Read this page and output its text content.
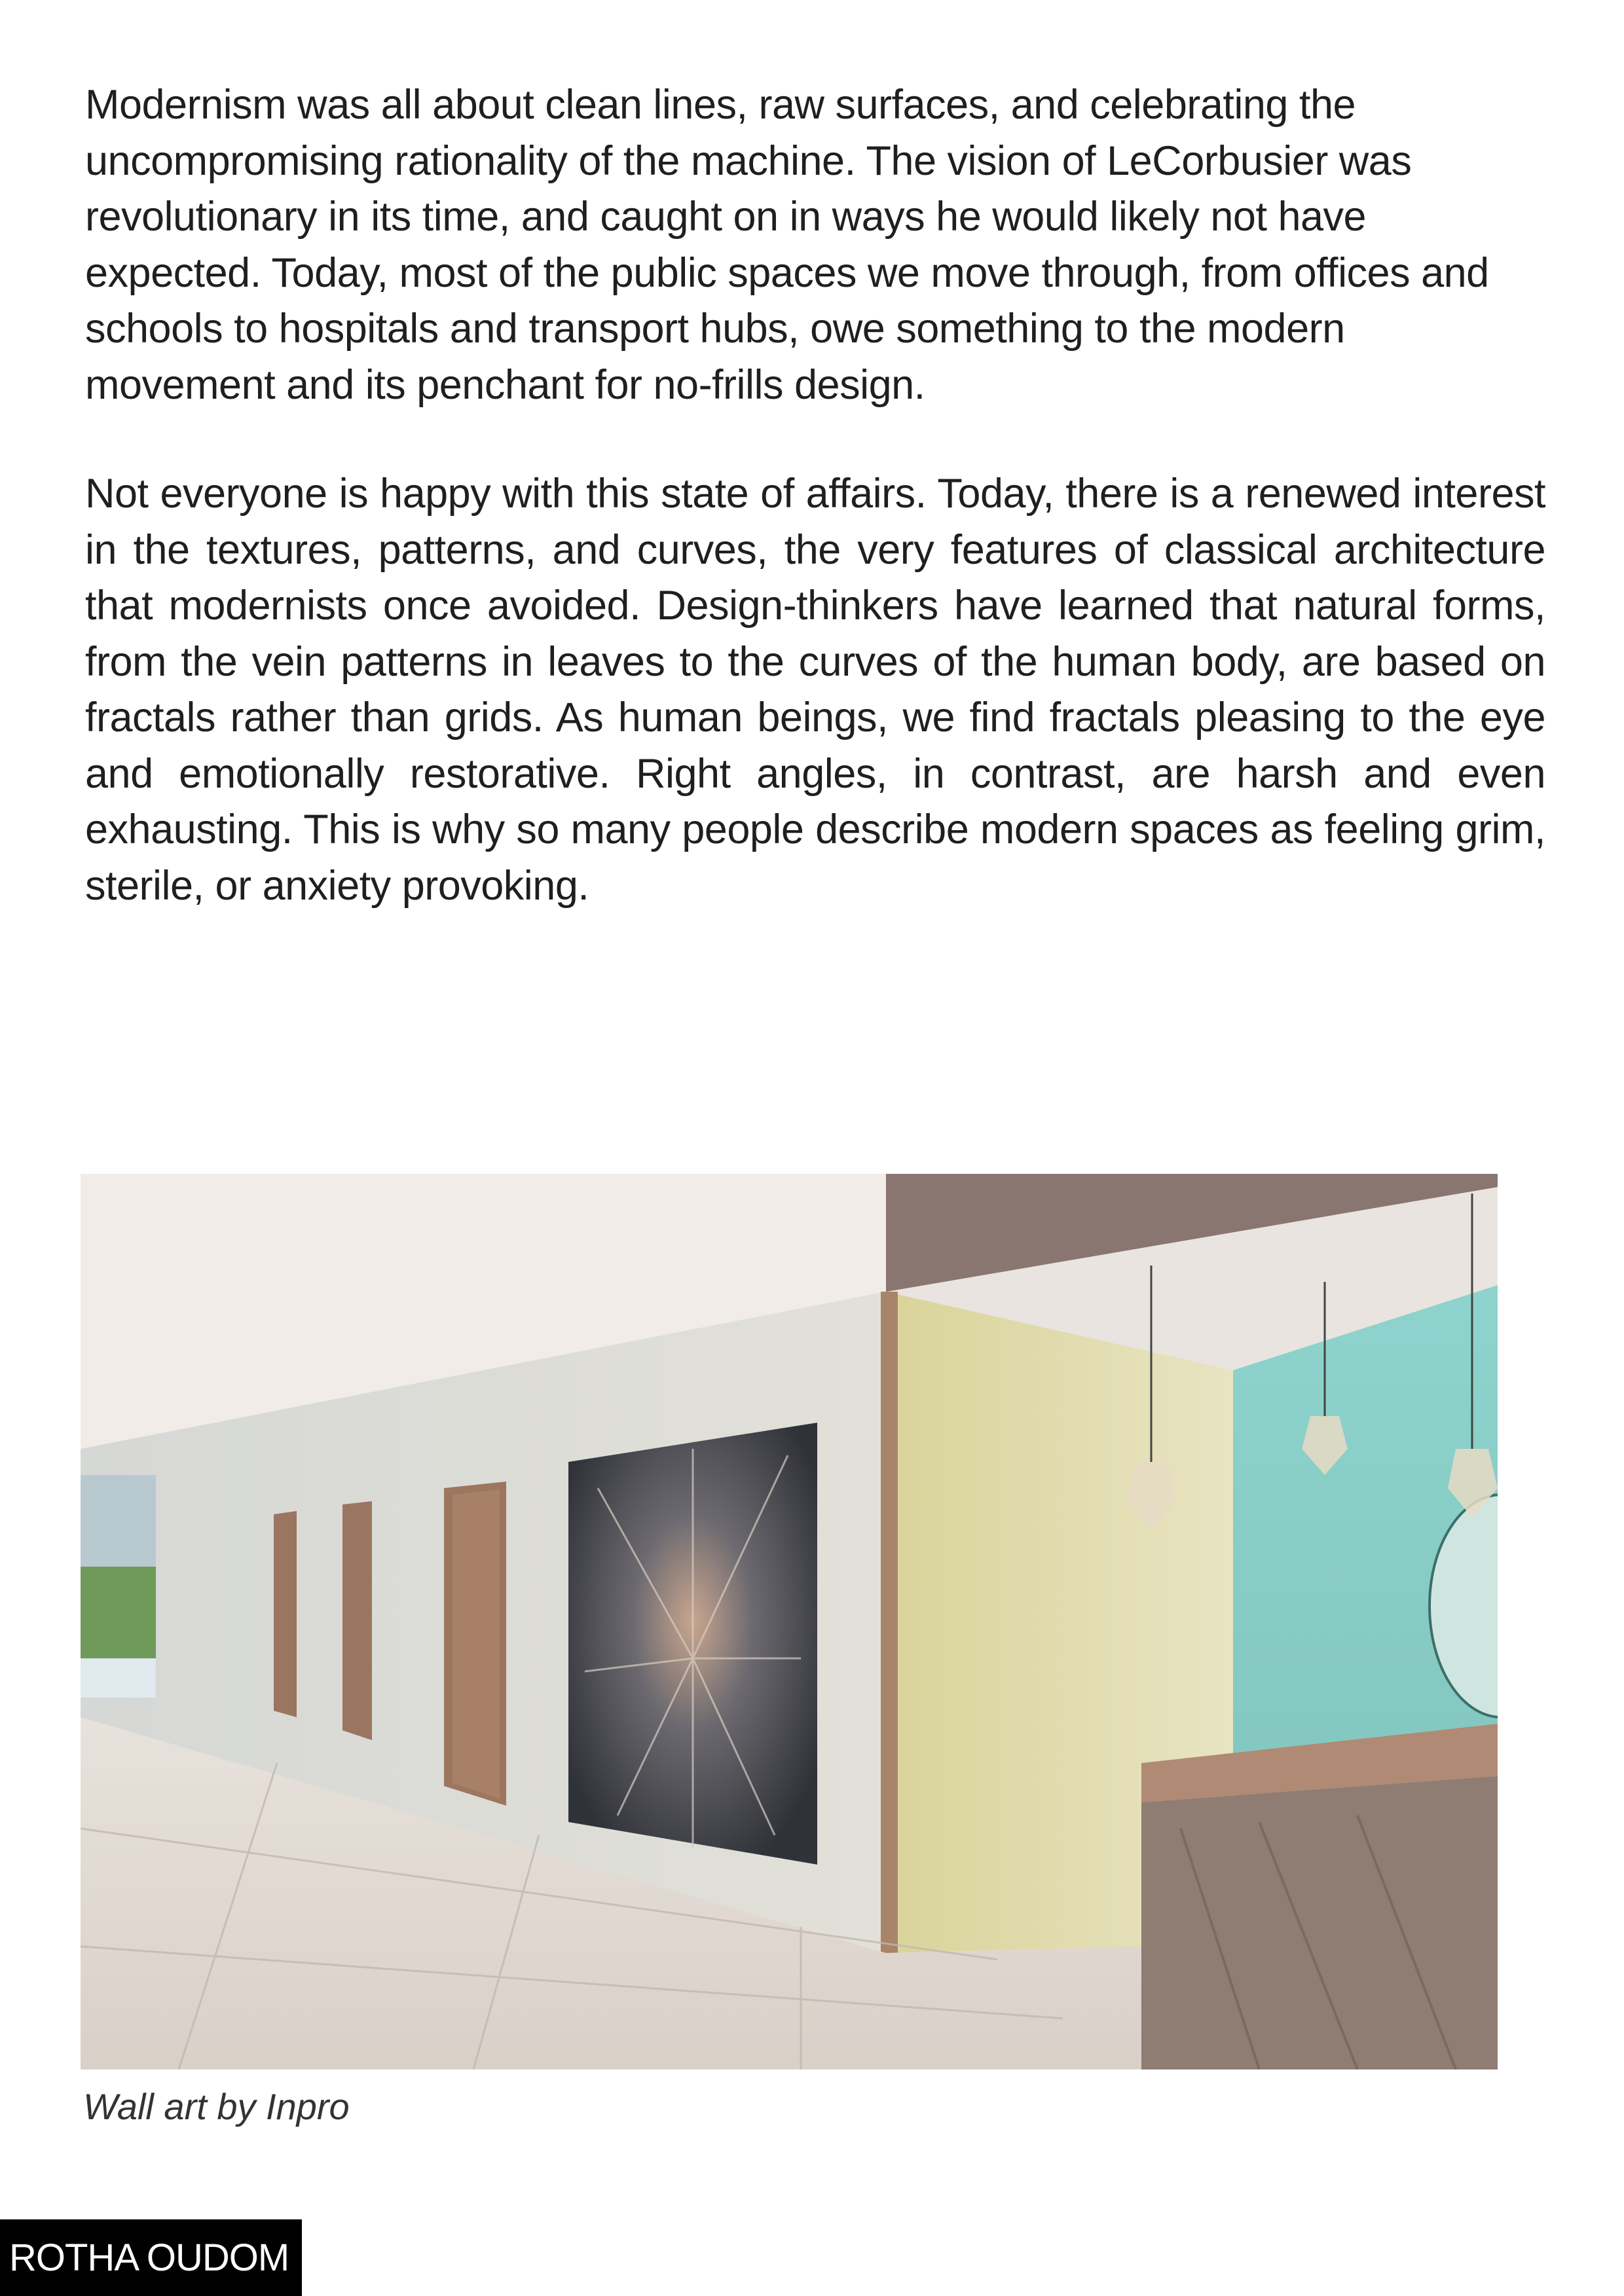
Modernism was all about clean lines, raw surfaces, and celebrating the uncompromising rationality of the machine. The vision of LeCorbusier was revolutionary in its time, and caught on in ways he would likely not have expected. Today, most of the public spaces we move through, from offices and schools to hospitals and transport hubs, owe something to the modern movement and its penchant for no-frills design.

Not everyone is happy with this state of affairs. Today, there is a renewed interest in the textures, patterns, and curves, the very features of classical architecture that modernists once avoided. Design-thinkers have learned that natural forms, from the vein patterns in leaves to the curves of the human body, are based on fractals rather than grids. As human beings, we find fractals pleasing to the eye and emotionally restorative. Right angles, in contrast, are harsh and even exhausting. This is why so many people describe modern spaces as feeling grim, sterile, or anxiety provoking.

Wall art by Inpro

ROTHA OUDOM
